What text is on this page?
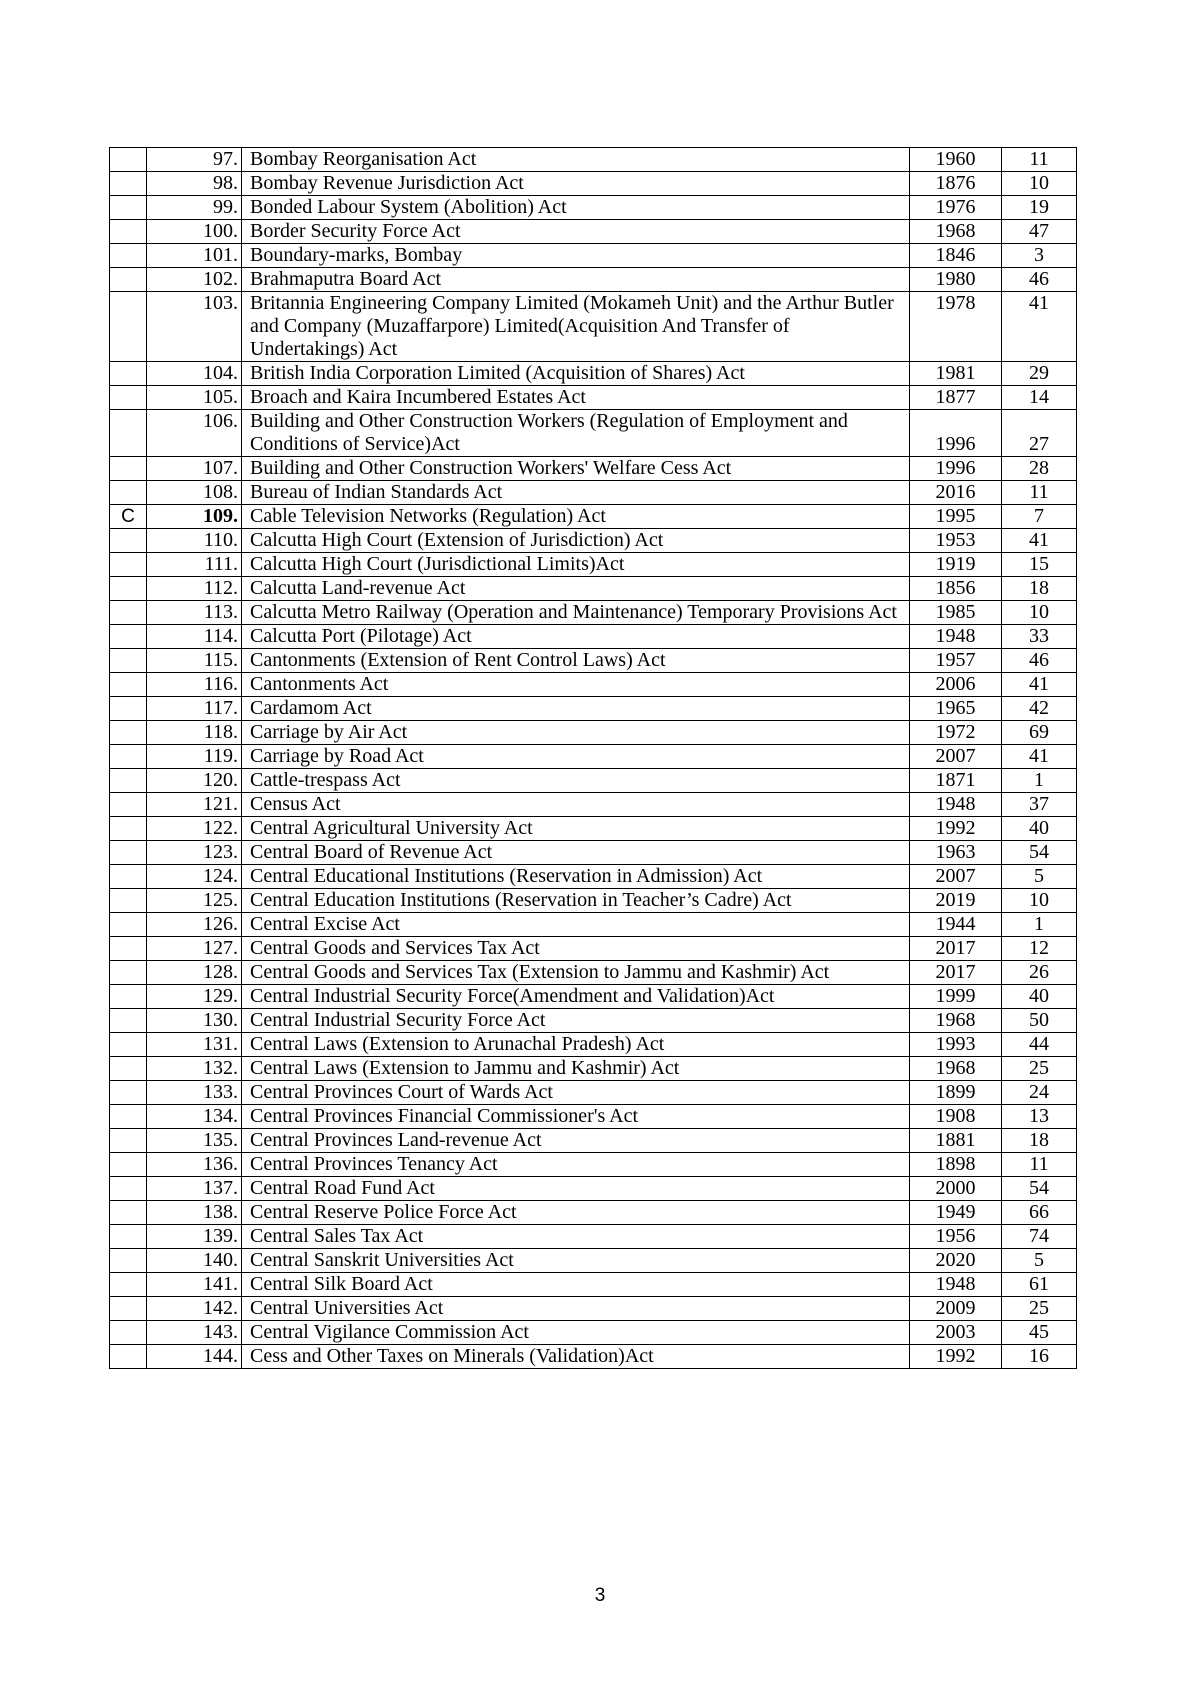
	97.	Bombay Reorganisation Act	1960	11
	98.	Bombay Revenue Jurisdiction Act	1876	10
	99.	Bonded Labour System (Abolition) Act	1976	19
	100.	Border Security Force Act	1968	47
	101.	Boundary-marks, Bombay	1846	3
	102.	Brahmaputra Board Act	1980	46
	103.	Britannia Engineering Company Limited (Mokameh Unit) and the Arthur Butler and Company (Muzaffarpore) Limited(Acquisition And Transfer of Undertakings) Act	1978	41
	104.	British India Corporation Limited (Acquisition of Shares) Act	1981	29
	105.	Broach and Kaira Incumbered Estates Act	1877	14
	106.	Building and Other Construction Workers (Regulation of Employment and Conditions of Service)Act	1996	27
	107.	Building and Other Construction Workers' Welfare Cess Act	1996	28
	108.	Bureau of Indian Standards Act	2016	11
C	109.	Cable Television Networks (Regulation) Act	1995	7
	110.	Calcutta High Court (Extension of Jurisdiction) Act	1953	41
	111.	Calcutta High Court (Jurisdictional Limits)Act	1919	15
	112.	Calcutta Land-revenue Act	1856	18
	113.	Calcutta Metro Railway (Operation and Maintenance) Temporary Provisions Act	1985	10
	114.	Calcutta Port (Pilotage) Act	1948	33
	115.	Cantonments (Extension of Rent Control Laws) Act	1957	46
	116.	Cantonments Act	2006	41
	117.	Cardamom Act	1965	42
	118.	Carriage by Air Act	1972	69
	119.	Carriage by Road Act	2007	41
	120.	Cattle-trespass Act	1871	1
	121.	Census Act	1948	37
	122.	Central Agricultural University Act	1992	40
	123.	Central Board of Revenue Act	1963	54
	124.	Central Educational Institutions (Reservation in Admission) Act	2007	5
	125.	Central Education Institutions (Reservation in Teacher’s Cadre) Act	2019	10
	126.	Central Excise Act	1944	1
	127.	Central Goods and Services Tax Act	2017	12
	128.	Central Goods and Services Tax (Extension to Jammu and Kashmir) Act	2017	26
	129.	Central Industrial Security Force(Amendment and Validation)Act	1999	40
	130.	Central Industrial Security Force Act	1968	50
	131.	Central Laws (Extension to Arunachal Pradesh) Act	1993	44
	132.	Central Laws (Extension to Jammu and Kashmir) Act	1968	25
	133.	Central Provinces Court of Wards Act	1899	24
	134.	Central Provinces Financial Commissioner's Act	1908	13
	135.	Central Provinces Land-revenue Act	1881	18
	136.	Central Provinces Tenancy Act	1898	11
	137.	Central Road Fund Act	2000	54
	138.	Central Reserve Police Force Act	1949	66
	139.	Central Sales Tax Act	1956	74
	140.	Central Sanskrit Universities Act	2020	5
	141.	Central Silk Board Act	1948	61
	142.	Central Universities Act	2009	25
	143.	Central Vigilance Commission Act	2003	45
	144.	Cess and Other Taxes on Minerals (Validation)Act	1992	16
3
